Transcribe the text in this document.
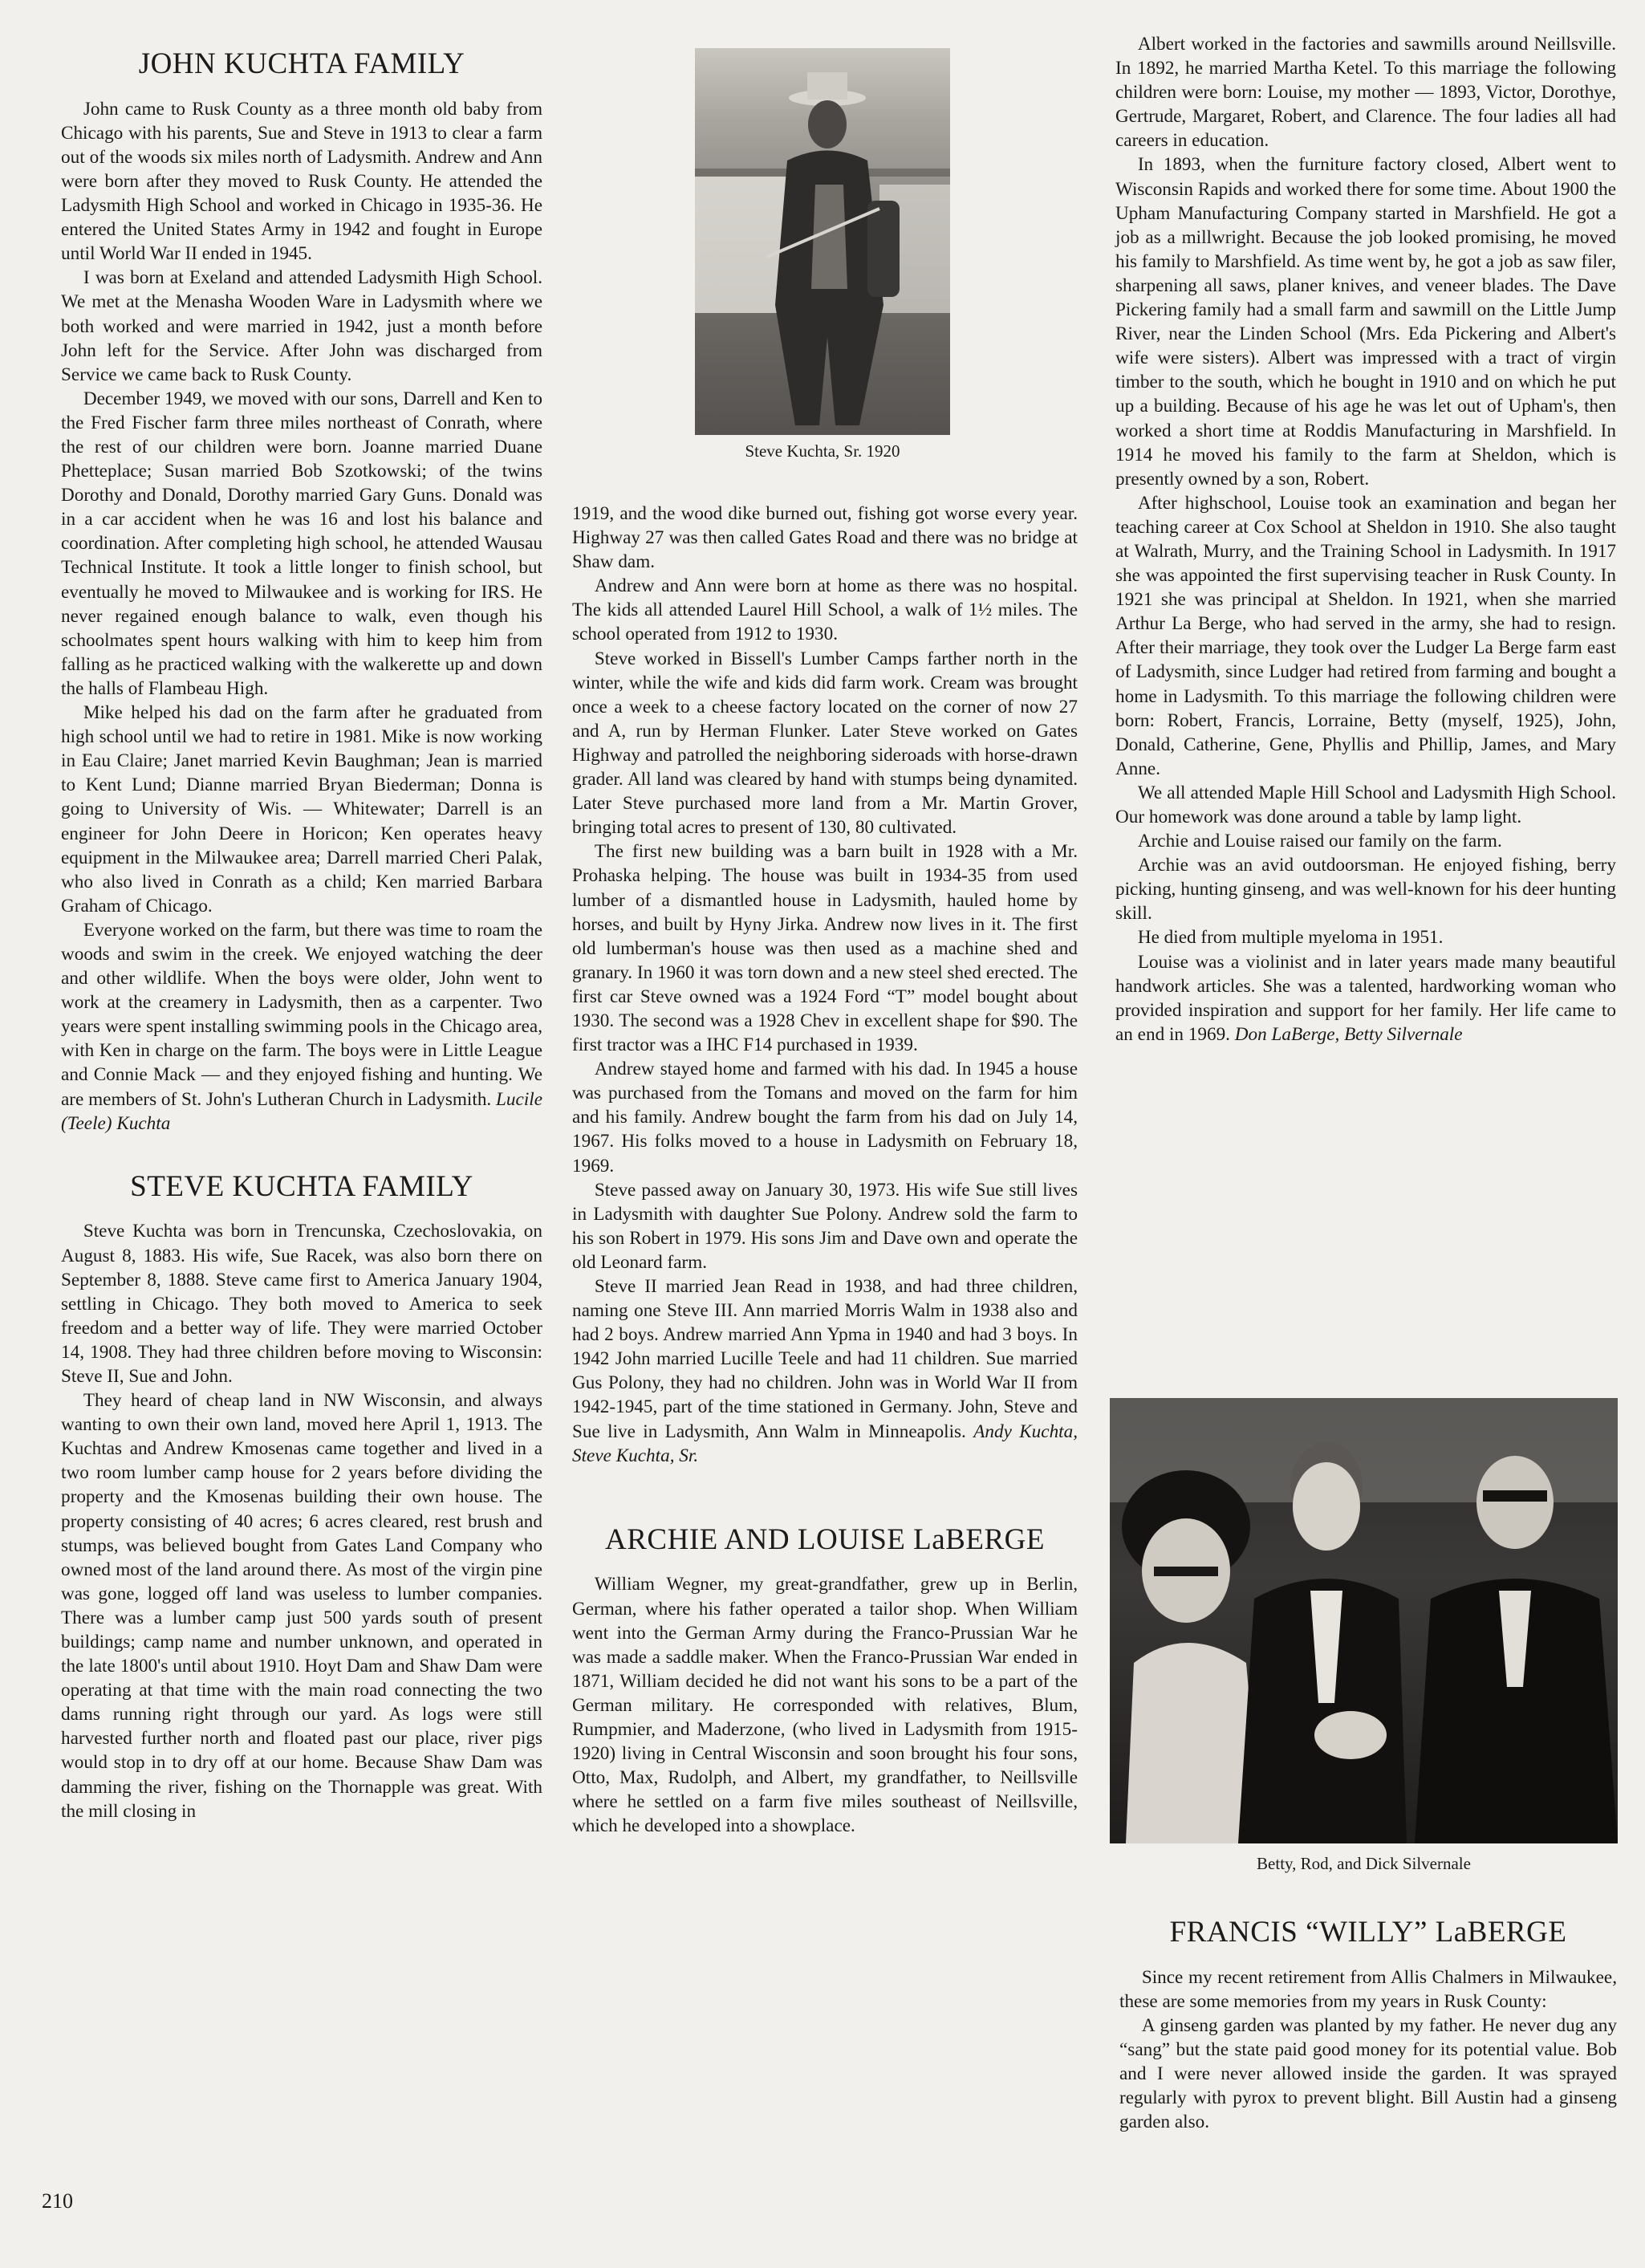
JOHN KUCHTA FAMILY

John came to Rusk County as a three month old baby from Chicago with his parents, Sue and Steve in 1913 to clear a farm out of the woods six miles north of Ladysmith. Andrew and Ann were born after they moved to Rusk County. He attended the Ladysmith High School and worked in Chicago in 1935-36. He entered the United States Army in 1942 and fought in Europe until World War II ended in 1945.

I was born at Exeland and attended Ladysmith High School. We met at the Menasha Wooden Ware in Ladysmith where we both worked and were married in 1942, just a month before John left for the Service. After John was discharged from Service we came back to Rusk County.

December 1949, we moved with our sons, Darrell and Ken to the Fred Fischer farm three miles northeast of Conrath, where the rest of our children were born. Joanne married Duane Phetteplace; Susan married Bob Szotkowski; of the twins Dorothy and Donald, Dorothy married Gary Guns. Donald was in a car accident when he was 16 and lost his balance and coordination. After completing high school, he attended Wausau Technical Institute. It took a little longer to finish school, but eventually he moved to Milwaukee and is working for IRS. He never regained enough balance to walk, even though his schoolmates spent hours walking with him to keep him from falling as he practiced walking with the walkerette up and down the halls of Flambeau High.

Mike helped his dad on the farm after he graduated from high school until we had to retire in 1981. Mike is now working in Eau Claire; Janet married Kevin Baughman; Jean is married to Kent Lund; Dianne married Bryan Biederman; Donna is going to University of Wis. — Whitewater; Darrell is an engineer for John Deere in Horicon; Ken operates heavy equipment in the Milwaukee area; Darrell married Cheri Palak, who also lived in Conrath as a child; Ken married Barbara Graham of Chicago.

Everyone worked on the farm, but there was time to roam the woods and swim in the creek. We enjoyed watching the deer and other wildlife. When the boys were older, John went to work at the creamery in Ladysmith, then as a carpenter. Two years were spent installing swimming pools in the Chicago area, with Ken in charge on the farm. The boys were in Little League and Connie Mack — and they enjoyed fishing and hunting. We are members of St. John's Lutheran Church in Ladysmith. Lucile (Teele) Kuchta

STEVE KUCHTA FAMILY

Steve Kuchta was born in Trencunska, Czechoslovakia, on August 8, 1883. His wife, Sue Racek, was also born there on September 8, 1888. Steve came first to America January 1904, settling in Chicago. They both moved to America to seek freedom and a better way of life. They were married October 14, 1908. They had three children before moving to Wisconsin: Steve II, Sue and John.

They heard of cheap land in NW Wisconsin, and always wanting to own their own land, moved here April 1, 1913. The Kuchtas and Andrew Kmosenas came together and lived in a two room lumber camp house for 2 years before dividing the property and the Kmosenas building their own house. The property consisting of 40 acres; 6 acres cleared, rest brush and stumps, was believed bought from Gates Land Company who owned most of the land around there. As most of the virgin pine was gone, logged off land was useless to lumber companies. There was a lumber camp just 500 yards south of present buildings; camp name and number unknown, and operated in the late 1800's until about 1910. Hoyt Dam and Shaw Dam were operating at that time with the main road connecting the two dams running right through our yard. As logs were still harvested further north and floated past our place, river pigs would stop in to dry off at our home. Because Shaw Dam was damming the river, fishing on the Thornapple was great. With the mill closing in

Steve Kuchta, Sr. 1920

1919, and the wood dike burned out, fishing got worse every year. Highway 27 was then called Gates Road and there was no bridge at Shaw dam.

Andrew and Ann were born at home as there was no hospital. The kids all attended Laurel Hill School, a walk of 1½ miles. The school operated from 1912 to 1930.

Steve worked in Bissell's Lumber Camps farther north in the winter, while the wife and kids did farm work. Cream was brought once a week to a cheese factory located on the corner of now 27 and A, run by Herman Flunker. Later Steve worked on Gates Highway and patrolled the neighboring sideroads with horse-drawn grader. All land was cleared by hand with stumps being dynamited. Later Steve purchased more land from a Mr. Martin Grover, bringing total acres to present of 130, 80 cultivated.

The first new building was a barn built in 1928 with a Mr. Prohaska helping. The house was built in 1934-35 from used lumber of a dismantled house in Ladysmith, hauled home by horses, and built by Hyny Jirka. Andrew now lives in it. The first old lumberman's house was then used as a machine shed and granary. In 1960 it was torn down and a new steel shed erected. The first car Steve owned was a 1924 Ford “T” model bought about 1930. The second was a 1928 Chev in excellent shape for $90. The first tractor was a IHC F14 purchased in 1939.

Andrew stayed home and farmed with his dad. In 1945 a house was purchased from the Tomans and moved on the farm for him and his family. Andrew bought the farm from his dad on July 14, 1967. His folks moved to a house in Ladysmith on February 18, 1969.

Steve passed away on January 30, 1973. His wife Sue still lives in Ladysmith with daughter Sue Polony. Andrew sold the farm to his son Robert in 1979. His sons Jim and Dave own and operate the old Leonard farm.

Steve II married Jean Read in 1938, and had three children, naming one Steve III. Ann married Morris Walm in 1938 also and had 2 boys. Andrew married Ann Ypma in 1940 and had 3 boys. In 1942 John married Lucille Teele and had 11 children. Sue married Gus Polony, they had no children. John was in World War II from 1942-1945, part of the time stationed in Germany. John, Steve and Sue live in Ladysmith, Ann Walm in Minneapolis. Andy Kuchta, Steve Kuchta, Sr.

ARCHIE AND LOUISE LaBERGE

William Wegner, my great-grandfather, grew up in Berlin, German, where his father operated a tailor shop. When William went into the German Army during the Franco-Prussian War he was made a saddle maker. When the Franco-Prussian War ended in 1871, William decided he did not want his sons to be a part of the German military. He corresponded with relatives, Blum, Rumpmier, and Maderzone, (who lived in Ladysmith from 1915-1920) living in Central Wisconsin and soon brought his four sons, Otto, Max, Rudolph, and Albert, my grandfather, to Neillsville where he settled on a farm five miles southeast of Neillsville, which he developed into a showplace.

Albert worked in the factories and sawmills around Neillsville. In 1892, he married Martha Ketel. To this marriage the following children were born: Louise, my mother — 1893, Victor, Dorothye, Gertrude, Margaret, Robert, and Clarence. The four ladies all had careers in education.

In 1893, when the furniture factory closed, Albert went to Wisconsin Rapids and worked there for some time. About 1900 the Upham Manufacturing Company started in Marshfield. He got a job as a millwright. Because the job looked promising, he moved his family to Marshfield. As time went by, he got a job as saw filer, sharpening all saws, planer knives, and veneer blades. The Dave Pickering family had a small farm and sawmill on the Little Jump River, near the Linden School (Mrs. Eda Pickering and Albert's wife were sisters). Albert was impressed with a tract of virgin timber to the south, which he bought in 1910 and on which he put up a building. Because of his age he was let out of Upham's, then worked a short time at Roddis Manufacturing in Marshfield. In 1914 he moved his family to the farm at Sheldon, which is presently owned by a son, Robert.

After highschool, Louise took an examination and began her teaching career at Cox School at Sheldon in 1910. She also taught at Walrath, Murry, and the Training School in Ladysmith. In 1917 she was appointed the first supervising teacher in Rusk County. In 1921 she was principal at Sheldon. In 1921, when she married Arthur La Berge, who had served in the army, she had to resign. After their marriage, they took over the Ludger La Berge farm east of Ladysmith, since Ludger had retired from farming and bought a home in Ladysmith. To this marriage the following children were born: Robert, Francis, Lorraine, Betty (myself, 1925), John, Donald, Catherine, Gene, Phyllis and Phillip, James, and Mary Anne.

We all attended Maple Hill School and Ladysmith High School. Our homework was done around a table by lamp light.

Archie and Louise raised our family on the farm.

Archie was an avid outdoorsman. He enjoyed fishing, berry picking, hunting ginseng, and was well-known for his deer hunting skill.

He died from multiple myeloma in 1951.

Louise was a violinist and in later years made many beautiful handwork articles. She was a talented, hardworking woman who provided inspiration and support for her family. Her life came to an end in 1969. Don LaBerge, Betty Silvernale

Betty, Rod, and Dick Silvernale
FRANCIS “WILLY” LaBERGE

Since my recent retirement from Allis Chalmers in Milwaukee, these are some memories from my years in Rusk County:

A ginseng garden was planted by my father. He never dug any “sang” but the state paid good money for its potential value. Bob and I were never allowed inside the garden. It was sprayed regularly with pyrox to prevent blight. Bill Austin had a ginseng garden also.

210
